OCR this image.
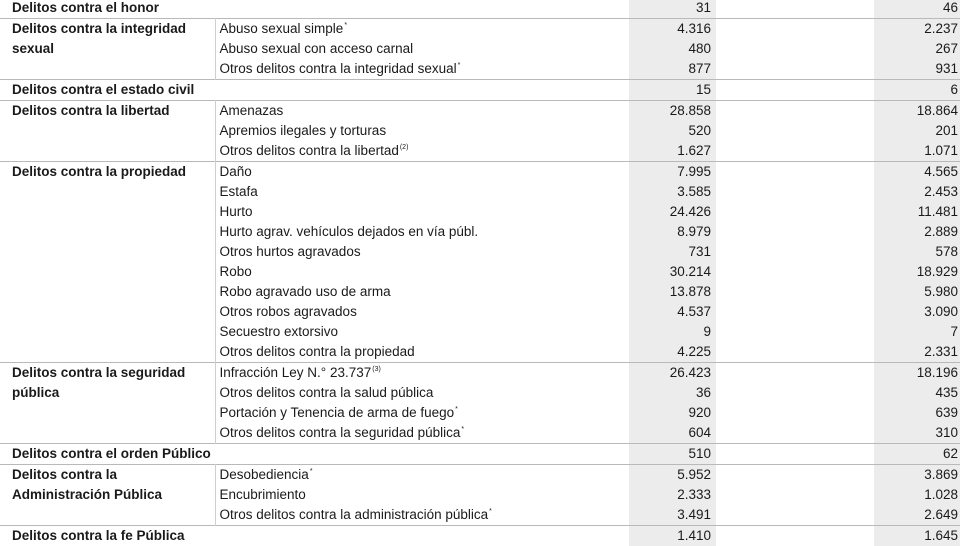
Delitos contra el honor		31		46
Delitos contra la integridad sexual	Abuso sexual simple*	4.316		2.237
	Abuso sexual con acceso carnal	480		267
	Otros delitos contra la integridad sexual*	877		931
Delitos contra el estado civil		15		6
Delitos contra la libertad	Amenazas	28.858		18.864
	Apremios ilegales y torturas	520		201
	Otros delitos contra la libertad$^{(2)}$	1.627		1.071
Delitos contra la propiedad	Daño	7.995		4.565
	Estafa	3.585		2.453
	Hurto	24.426		11.481
	Hurto agrav. vehículos dejados en vía públ.	8.979		2.889
	Otros hurtos agravados	731		578
	Robo	30.214		18.929
	Robo agravado uso de arma	13.878		5.980
	Otros robos agravados	4.537		3.090
	Secuestro extorsivo	9		7
	Otros delitos contra la propiedad	4.225		2.331
Delitos contra la seguridad pública	Infracción Ley N.° 23.737$^{(3)}$	26.423		18.196
	Otros delitos contra la salud pública	36		435
	Portación y Tenencia de arma de fuego*	920		639
	Otros delitos contra la seguridad pública*	604		310
Delitos contra el orden Público		510		62
Delitos contra la Administración Pública	Desobediencia*	5.952		3.869
	Encubrimiento	2.333		1.028
	Otros delitos contra la administración pública*	3.491		2.649
Delitos contra la fe Pública		1.410		1.645
